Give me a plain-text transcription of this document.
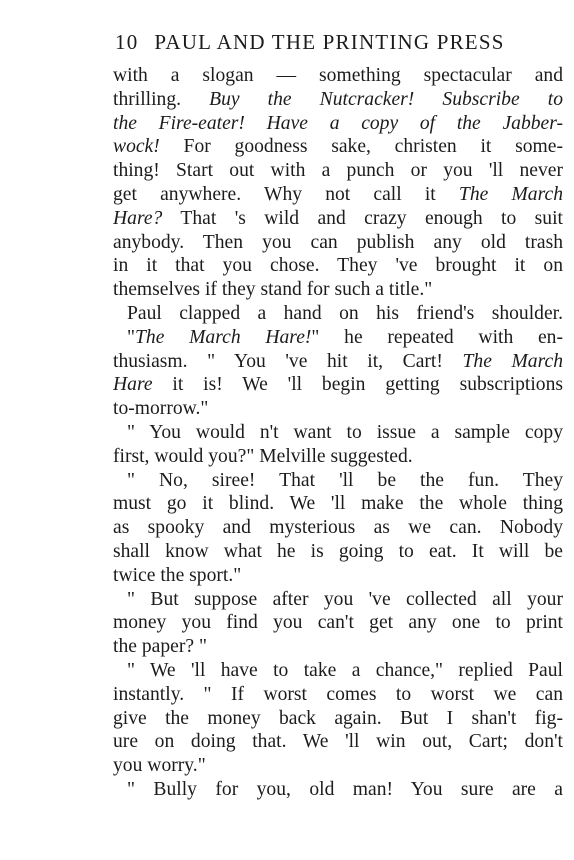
10 PAUL AND THE PRINTING PRESS
with a slogan — something spectacular and
thrilling. Buy the Nutcracker! Subscribe to
the Fire-eater! Have a copy of the Jabber-
wock! For goodness sake, christen it some-
thing! Start out with a punch or you 'll never
get anywhere. Why not call it The March
Hare? That 's wild and crazy enough to suit
anybody. Then you can publish any old trash
in it that you chose. They 've brought it on
themselves if they stand for such a title."
Paul clapped a hand on his friend's shoulder.
"The March Hare!" he repeated with en-
thusiasm. " You 've hit it, Cart! The March
Hare it is! We 'll begin getting subscriptions
to-morrow."
" You would n't want to issue a sample copy
first, would you?" Melville suggested.
" No, siree! That 'll be the fun. They
must go it blind. We 'll make the whole thing
as spooky and mysterious as we can. Nobody
shall know what he is going to eat. It will be
twice the sport."
" But suppose after you 've collected all your
money you find you can't get any one to print
the paper? "
" We 'll have to take a chance," replied Paul
instantly. " If worst comes to worst we can
give the money back again. But I shan't fig-
ure on doing that. We 'll win out, Cart; don't
you worry."
" Bully for you, old man! You sure are a
